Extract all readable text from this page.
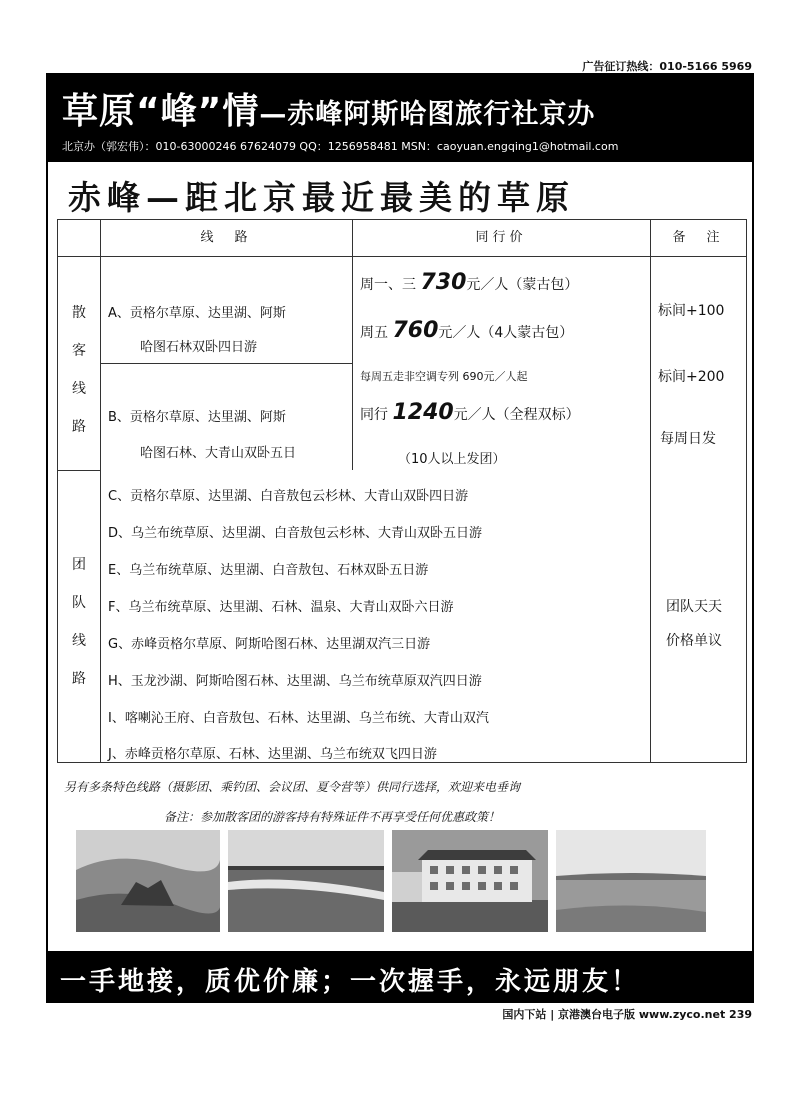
广告征订热线：010-5166 5969
草原“峰”情—赤峰阿斯哈图旅行社京办
北京办（郭宏伟）：010-63000246 67624079 QQ：1256958481 MSN：caoyuan.engqing1@hotmail.com
赤峰—距北京最近最美的草原
线　路	同行价	备　注
散
客
线
路
团
队
线
路
A、贡格尔草原、达里湖、阿斯
哈图石林双卧四日游
B、贡格尔草原、达里湖、阿斯
哈图石林、大青山双卧五日
周一、三 730元／人（蒙古包）
周五 760元／人（4人蒙古包）
每周五走非空调专列 690元／人起
同行 1240元／人（全程双标）
（10人以上发团）
标间+100
标间+200
每周日发
C、贡格尔草原、达里湖、白音敖包云杉林、大青山双卧四日游
D、乌兰布统草原、达里湖、白音敖包云杉林、大青山双卧五日游
E、乌兰布统草原、达里湖、白音敖包、石林双卧五日游
F、乌兰布统草原、达里湖、石林、温泉、大青山双卧六日游
G、赤峰贡格尔草原、阿斯哈图石林、达里湖双汽三日游
H、玉龙沙湖、阿斯哈图石林、达里湖、乌兰布统草原双汽四日游
I、喀喇沁王府、白音敖包、石林、达里湖、乌兰布统、大青山双汽
J、赤峰贡格尔草原、石林、达里湖、乌兰布统双飞四日游
团队天天
价格单议
另有多条特色线路（摄影团、乘钓团、会议团、夏令营等）供同行选择，欢迎来电垂询
备注：参加散客团的游客持有特殊证件不再享受任何优惠政策！
一手地接，质优价廉；一次握手，永远朋友！
国内下站 | 京港澳台电子版 www.zyco.net 239
